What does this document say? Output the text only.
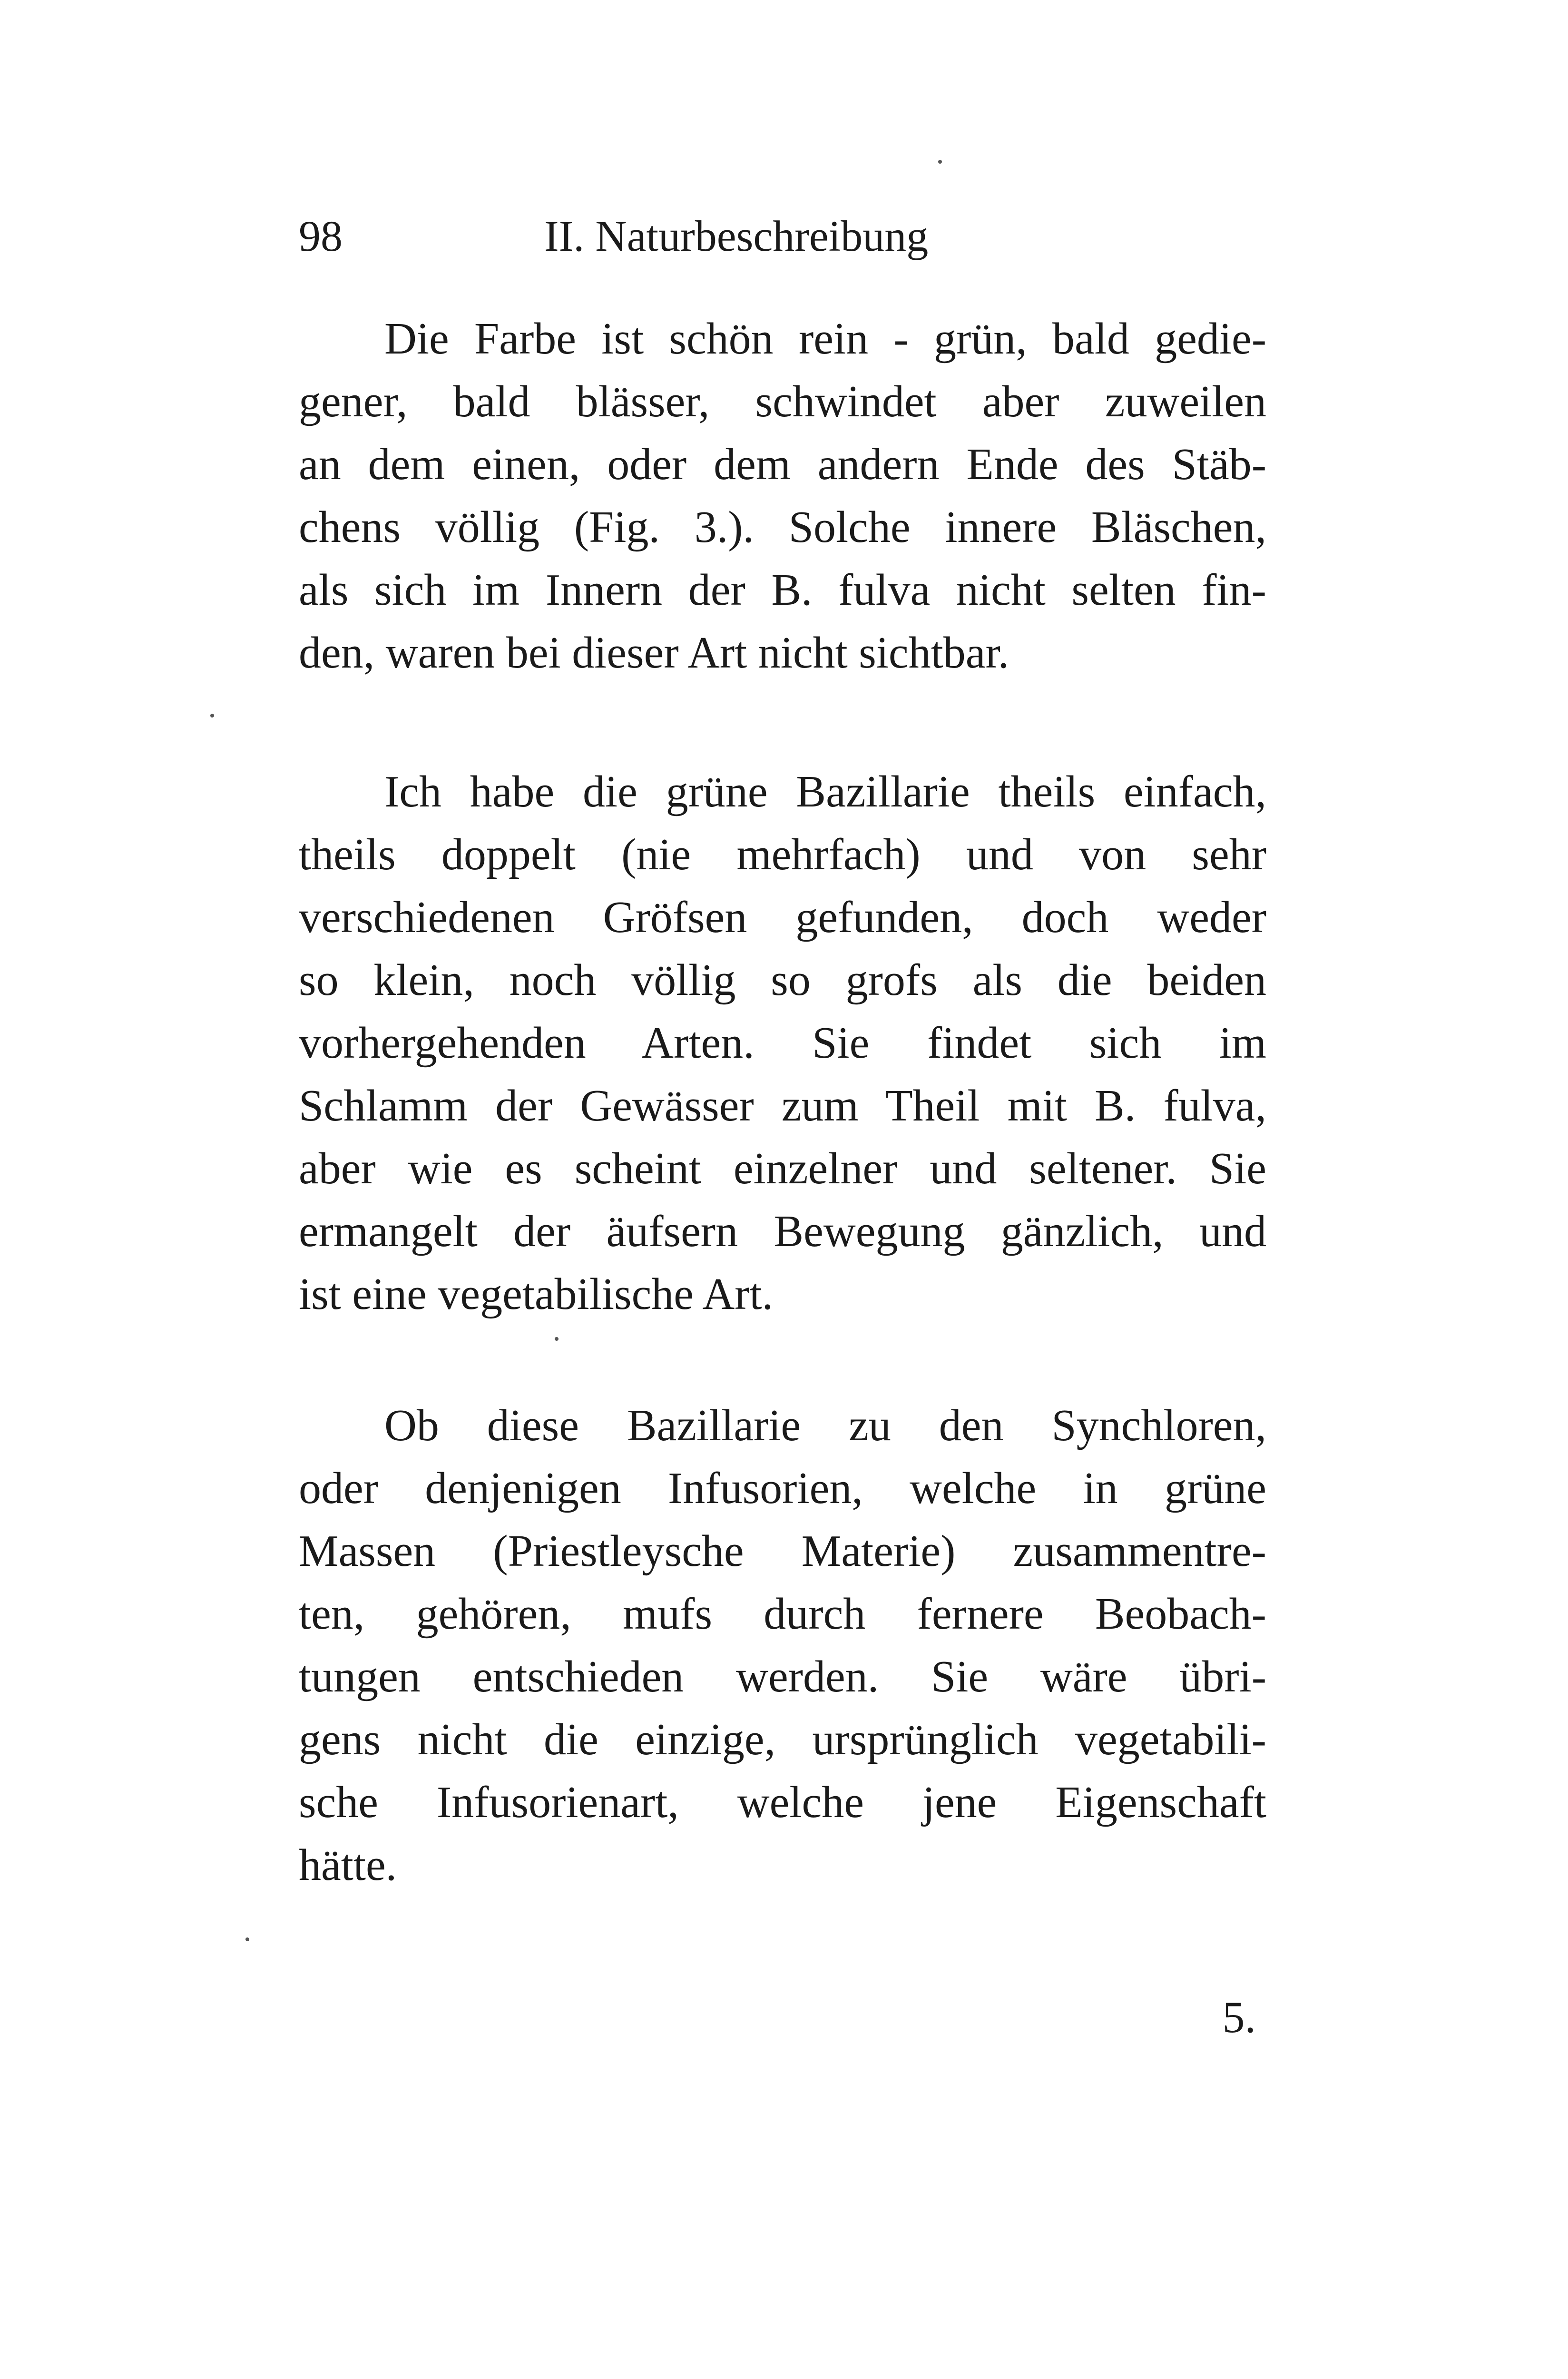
98	II. Naturbeschreibung
Die Farbe ist schön rein - grün, bald gedie-
gener, bald blässer, schwindet aber zuweilen
an dem einen, oder dem andern Ende des Stäb-
chens völlig (Fig. 3.). Solche innere Bläschen,
als sich im Innern der B. fulva nicht selten fin-
den, waren bei dieser Art nicht sichtbar.
Ich habe die grüne Bazillarie theils einfach,
theils doppelt (nie mehrfach) und von sehr
verschiedenen Gröfsen gefunden, doch weder
so klein, noch völlig so grofs als die beiden
vorhergehenden Arten. Sie findet sich im
Schlamm der Gewässer zum Theil mit B. fulva,
aber wie es scheint einzelner und seltener. Sie
ermangelt der äufsern Bewegung gänzlich, und
ist eine vegetabilische Art.
Ob diese Bazillarie zu den Synchloren,
oder denjenigen Infusorien, welche in grüne
Massen (Priestleysche Materie) zusammentre-
ten, gehören, mufs durch fernere Beobach-
tungen entschieden werden. Sie wäre übri-
gens nicht die einzige, ursprünglich vegetabili-
sche Infusorienart, welche jene Eigenschaft
hätte.
5.
